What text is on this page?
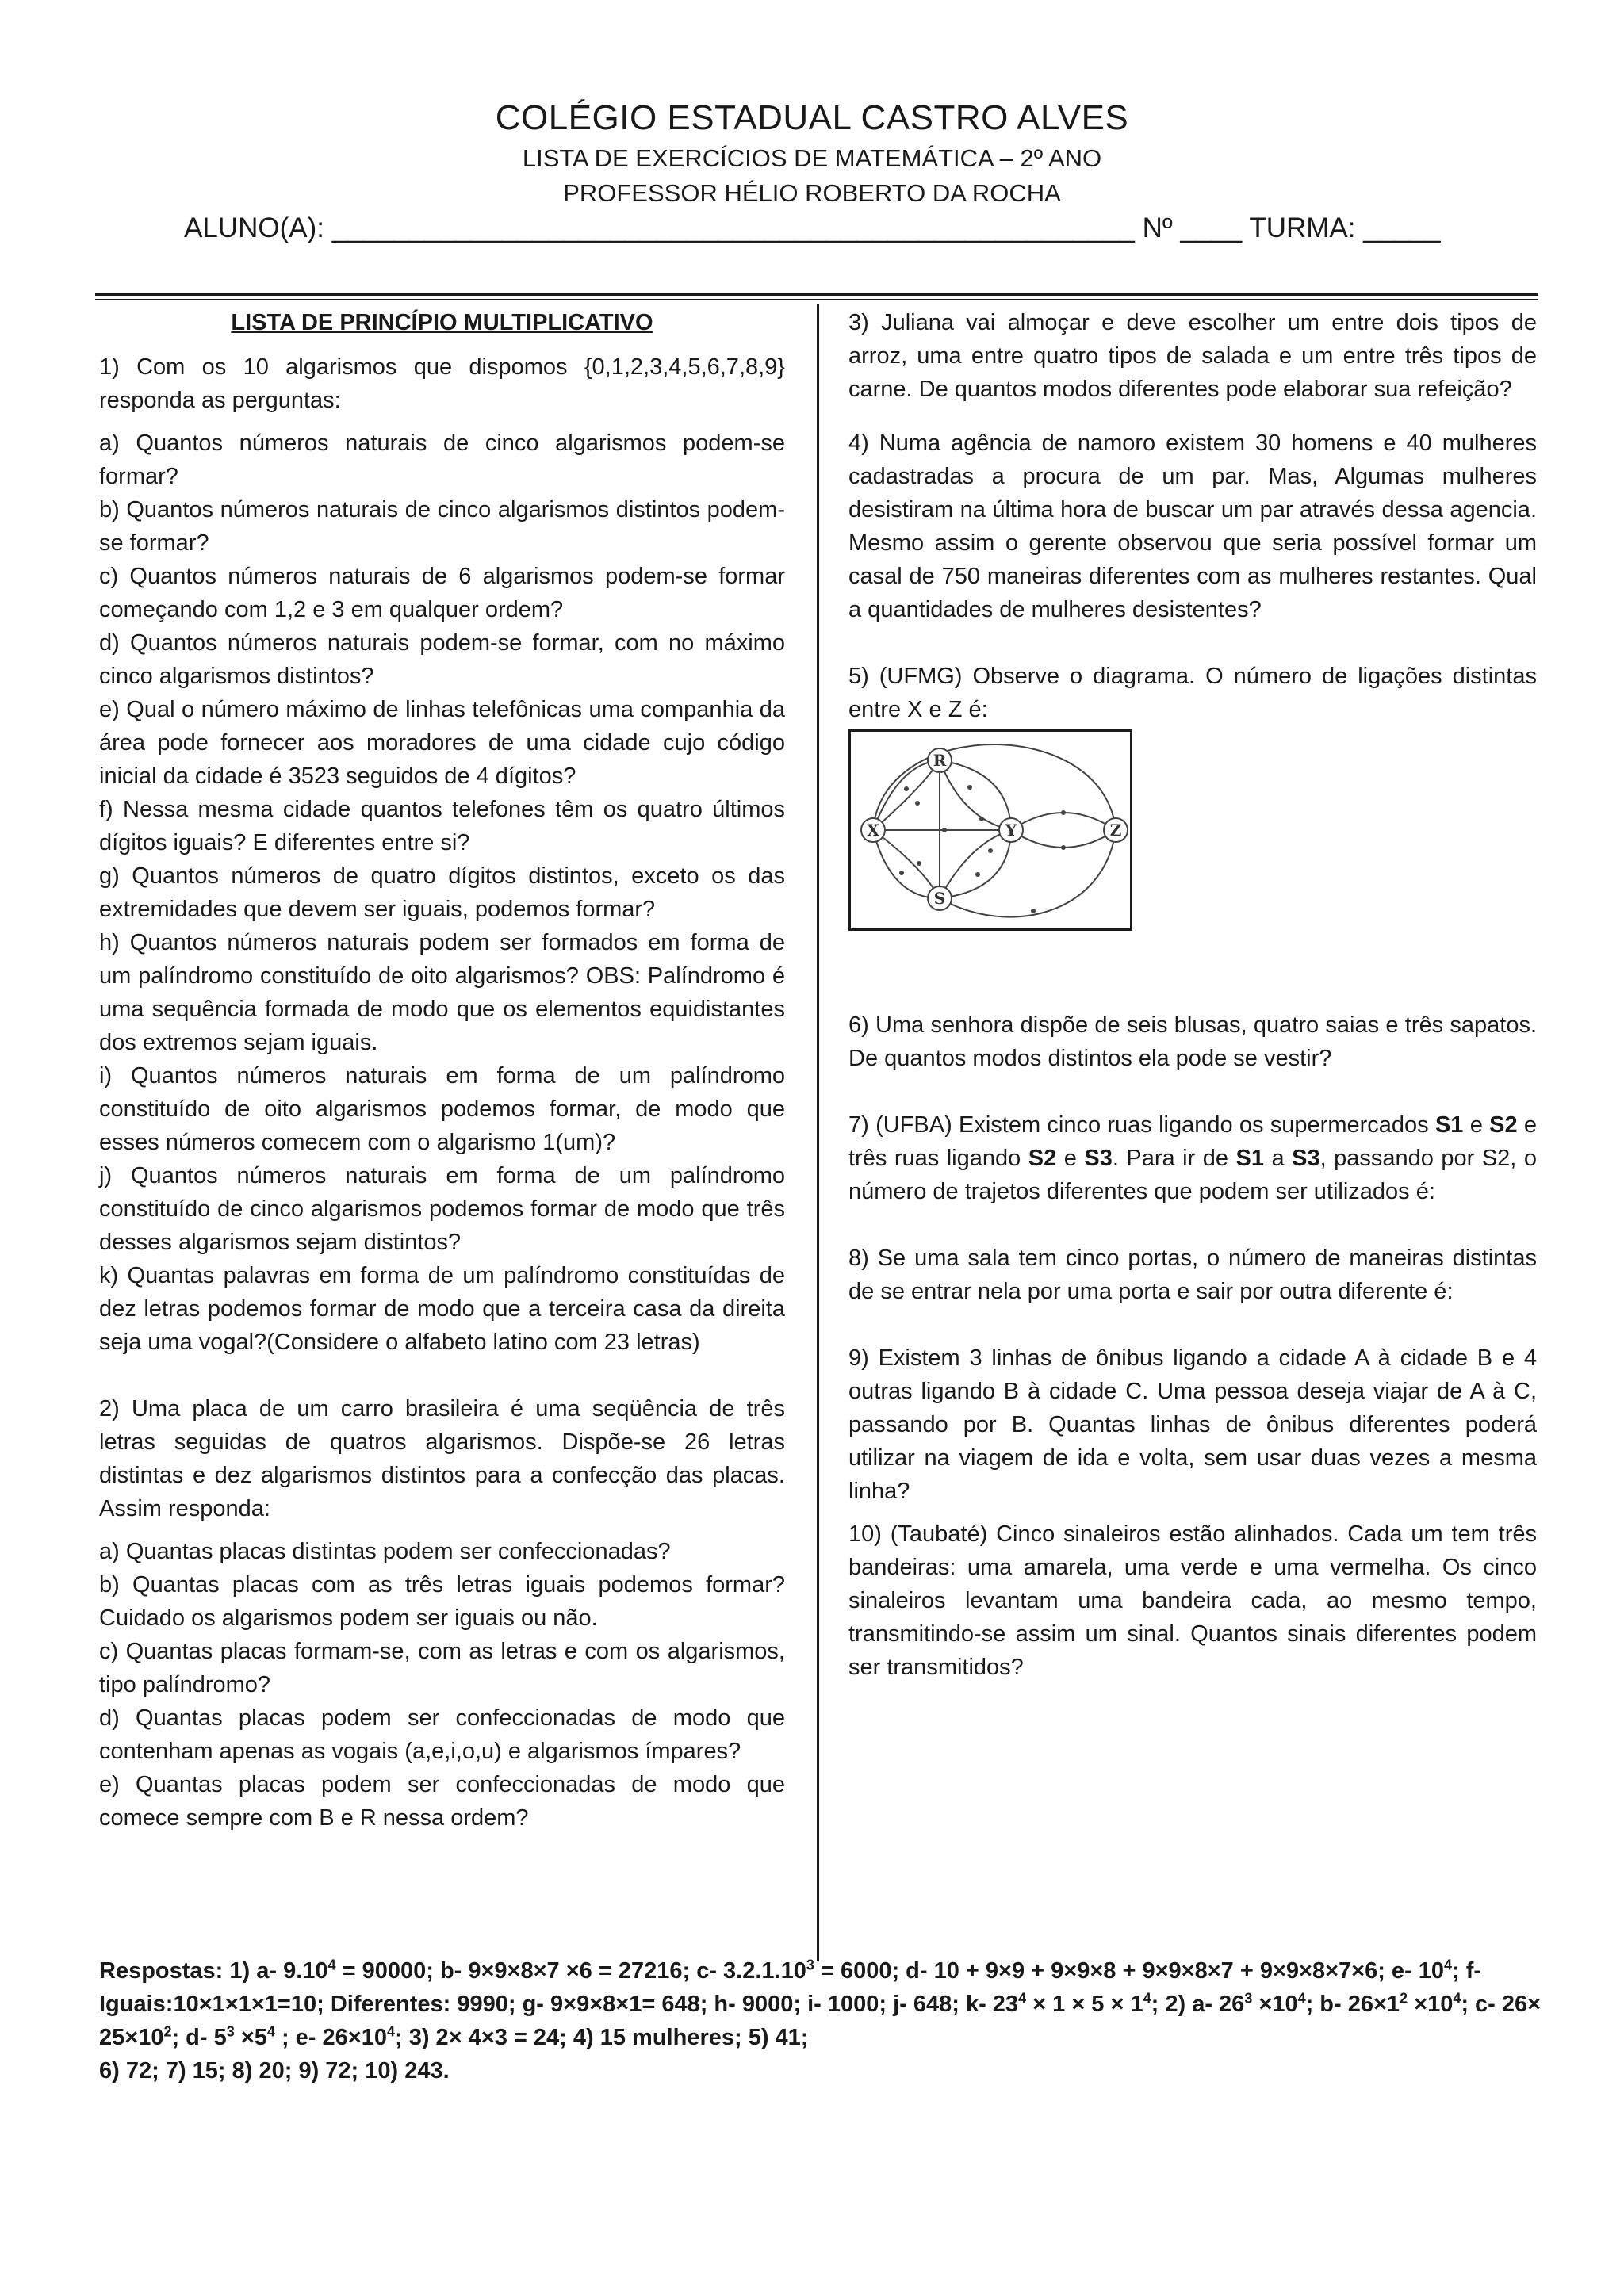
COLÉGIO ESTADUAL CASTRO ALVES
LISTA DE EXERCÍCIOS DE MATEMÁTICA – 2º ANO
PROFESSOR HÉLIO ROBERTO DA ROCHA
ALUNO(A): ____________________________________________________ Nº ____ TURMA: _____

LISTA DE PRINCÍPIO MULTIPLICATIVO

1) Com os 10 algarismos que dispomos {0,1,2,3,4,5,6,7,8,9} responda as perguntas:

a) Quantos números naturais de cinco algarismos podem-se formar?

b) Quantos números naturais de cinco algarismos distintos podem-se formar?

c) Quantos números naturais de 6 algarismos podem-se formar começando com 1,2 e 3 em qualquer ordem?

d) Quantos números naturais podem-se formar, com no máximo cinco algarismos distintos?

e) Qual o número máximo de linhas telefônicas uma companhia da área pode fornecer aos moradores de uma cidade cujo código inicial da cidade é 3523 seguidos de 4 dígitos?

f) Nessa mesma cidade quantos telefones têm os quatro últimos dígitos iguais? E diferentes entre si?

g) Quantos números de quatro dígitos distintos, exceto os das extremidades que devem ser iguais, podemos formar?

h) Quantos números naturais podem ser formados em forma de um palíndromo constituído de oito algarismos? OBS: Palíndromo é uma sequência formada de modo que os elementos equidistantes dos extremos sejam iguais.

i) Quantos números naturais em forma de um palíndromo constituído de oito algarismos podemos formar, de modo que esses números comecem com o algarismo 1(um)?

j) Quantos números naturais em forma de um palíndromo constituído de cinco algarismos podemos formar de modo que três desses algarismos sejam distintos?

k) Quantas palavras em forma de um palíndromo constituídas de dez letras podemos formar de modo que a terceira casa da direita seja uma vogal?(Considere o alfabeto latino com 23 letras)

2) Uma placa de um carro brasileira é uma seqüência de três letras seguidas de quatros algarismos. Dispõe-se 26 letras distintas e dez algarismos distintos para a confecção das placas. Assim responda:

a) Quantas placas distintas podem ser confeccionadas?

b) Quantas placas com as três letras iguais podemos formar? Cuidado os algarismos podem ser iguais ou não.

c) Quantas placas formam-se, com as letras e com os algarismos, tipo palíndromo?

d) Quantas placas podem ser confeccionadas de modo que contenham apenas as vogais (a,e,i,o,u) e algarismos ímpares?

e) Quantas placas podem ser confeccionadas de modo que comece sempre com B e R nessa ordem?

3) Juliana vai almoçar e deve escolher um entre dois tipos de arroz, uma entre quatro tipos de salada e um entre três tipos de carne. De quantos modos diferentes pode elaborar sua refeição?

4) Numa agência de namoro existem 30 homens e 40 mulheres cadastradas a procura de um par. Mas, Algumas mulheres desistiram na última hora de buscar um par através dessa agencia. Mesmo assim o gerente observou que seria possível formar um casal de 750 maneiras diferentes com as mulheres restantes. Qual a quantidades de mulheres desistentes?

5) (UFMG) Observe o diagrama. O número de ligações distintas entre X e Z é:

R
X	Y	Z
S

6) Uma senhora dispõe de seis blusas, quatro saias e três sapatos. De quantos modos distintos ela pode se vestir?

7) (UFBA) Existem cinco ruas ligando os supermercados S1 e S2 e três ruas ligando S2 e S3. Para ir de S1 a S3, passando por S2, o número de trajetos diferentes que podem ser utilizados é:

8) Se uma sala tem cinco portas, o número de maneiras distintas de se entrar nela por uma porta e sair por outra diferente é:

9) Existem 3 linhas de ônibus ligando a cidade A à cidade B e 4 outras ligando B à cidade C. Uma pessoa deseja viajar de A à C, passando por B. Quantas linhas de ônibus diferentes poderá utilizar na viagem de ida e volta, sem usar duas vezes a mesma linha?

10) (Taubaté) Cinco sinaleiros estão alinhados. Cada um tem três bandeiras: uma amarela, uma verde e uma vermelha. Os cinco sinaleiros levantam uma bandeira cada, ao mesmo tempo, transmitindo-se assim um sinal. Quantos sinais diferentes podem ser transmitidos?

Respostas: 1) a- $9.10^4 = 90000$; b- 9×9×8×7 ×6 = 27216; c- $3.2.1.10^3 = 6000$; d- 10 + 9×9 + 9×9×8 + 9×9×8×7 + 9×9×8×7×6; e- $10^4$; f- Iguais:10×1×1×1=10; Diferentes: 9990; g- 9×9×8×1= 648; h- 9000; i- 1000; j- 648; k- $23^4 \times 1 \times 5 \times 1^4$; 2) a- $26^3 \times 10^4$; b- $26\times 1^2 \times 10^4$; c- $26\times 25\times 10^2$; d- $5^3 \times 5^4$ ; e- $26\times 10^4$; 3) 2× 4×3 = 24; 4) 15 mulheres; 5) 41;
6) 72; 7) 15; 8) 20; 9) 72; 10) 243.
